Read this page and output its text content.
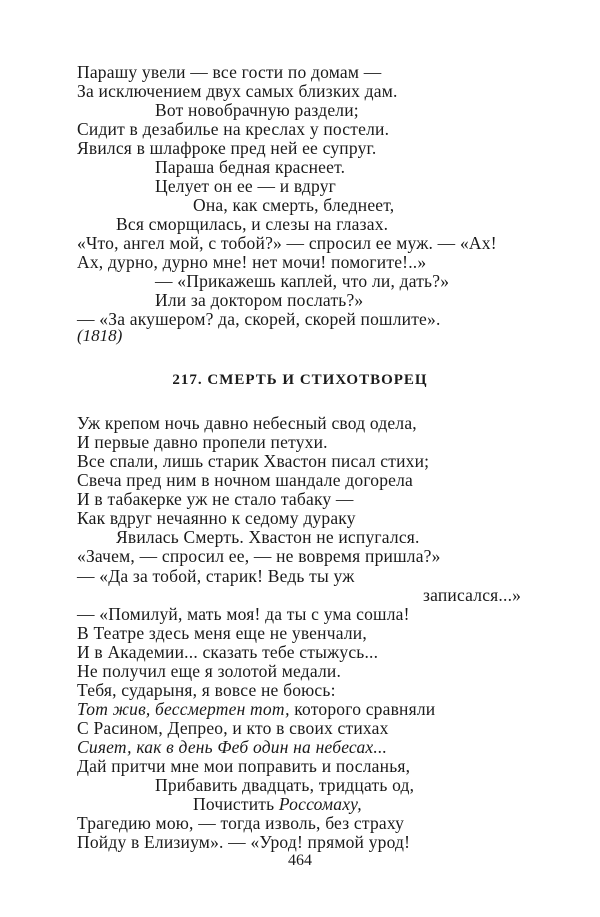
Парашу увели — все гости по домам —
За исключением двух самых близких дам.
Вот новобрачную раздели;
Сидит в дезабилье на креслах у постели.
Явился в шлафроке пред ней ее супруг.
Параша бедная краснеет.
Целует он ее — и вдруг
Она, как смерть, бледнеет,
Вся сморщилась, и слезы на глазах.
«Что, ангел мой, с тобой?» — спросил ее муж. — «Ах!
Ах, дурно, дурно мне! нет мочи! помогите!..»
— «Прикажешь каплей, что ли, дать?»
Или за доктором послать?»
— «За акушером? да, скорей, скорей пошлите».
(1818)
217. СМЕРТЬ И СТИХОТВОРЕЦ
Уж крепом ночь давно небесный свод одела,
И первые давно пропели петухи.
Все спали, лишь старик Хвастон писал стихи;
Свеча пред ним в ночном шандале догорела
И в табакерке уж не стало табаку —
Как вдруг нечаянно к седому дураку
Явилась Смерть. Хвастон не испугался.
«Зачем, — спросил ее, — не вовремя пришла?»
— «Да за тобой, старик! Ведь ты уж
записался...»
— «Помилуй, мать моя! да ты с ума сошла!
В Театре здесь меня еще не увенчали,
И в Академии... сказать тебе стыжусь...
Не получил еще я золотой медали.
Тебя, сударыня, я вовсе не боюсь:
Тот жив, бессмертен тот, которого сравняли
С Расином, Депрео, и кто в своих стихах
Сияет, как в день Феб один на небесах...
Дай притчи мне мои поправить и посланья,
Прибавить двадцать, тридцать од,
Почистить Россомаху,
Трагедию мою, — тогда изволь, без страху
Пойду в Елизиум». — «Урод! прямой урод!
464
